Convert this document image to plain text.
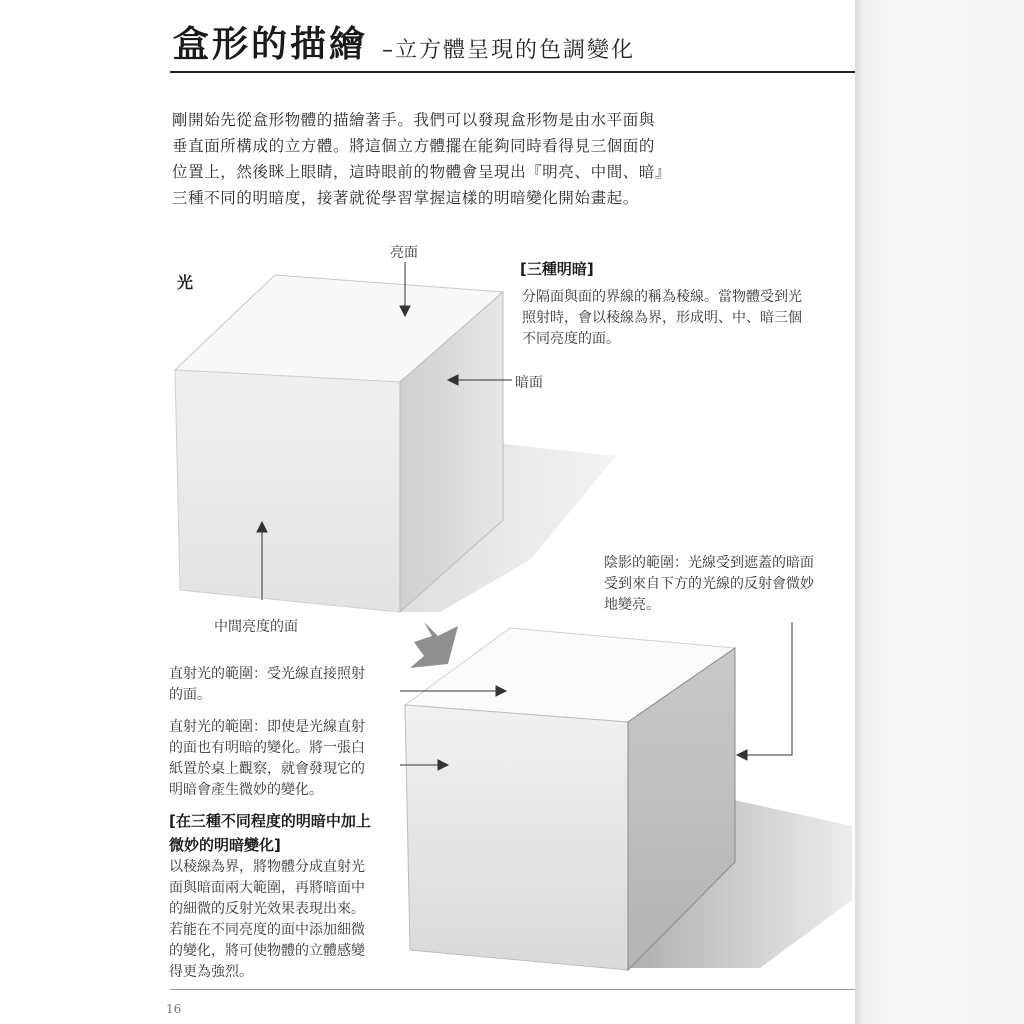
盒形的描繪 –立方體呈現的色調變化
剛開始先從盒形物體的描繪著手。我們可以發現盒形物是由水平面與
垂直面所構成的立方體。將這個立方體擺在能夠同時看得見三個面的
位置上，然後眯上眼睛，這時眼前的物體會呈現出『明亮、中間、暗』
三種不同的明暗度，接著就從學習掌握這樣的明暗變化開始畫起。
光
亮面
暗面
中間亮度的面
[三種明暗]
分隔面與面的界線的稱為稜線。當物體受到光
照射時，會以稜線為界，形成明、中、暗三個
不同亮度的面。
陰影的範圍：光線受到遮蓋的暗面
受到來自下方的光線的反射會微妙
地變亮。
直射光的範圍：受光線直接照射
的面。
直射光的範圍：即使是光線直射
的面也有明暗的變化。將一張白
紙置於桌上觀察，就會發現它的
明暗會產生微妙的變化。
[在三種不同程度的明暗中加上
微妙的明暗變化]
以稜線為界，將物體分成直射光
面與暗面兩大範圍，再將暗面中
的細微的反射光效果表現出來。
若能在不同亮度的面中添加細微
的變化，將可使物體的立體感變
得更為強烈。
16
